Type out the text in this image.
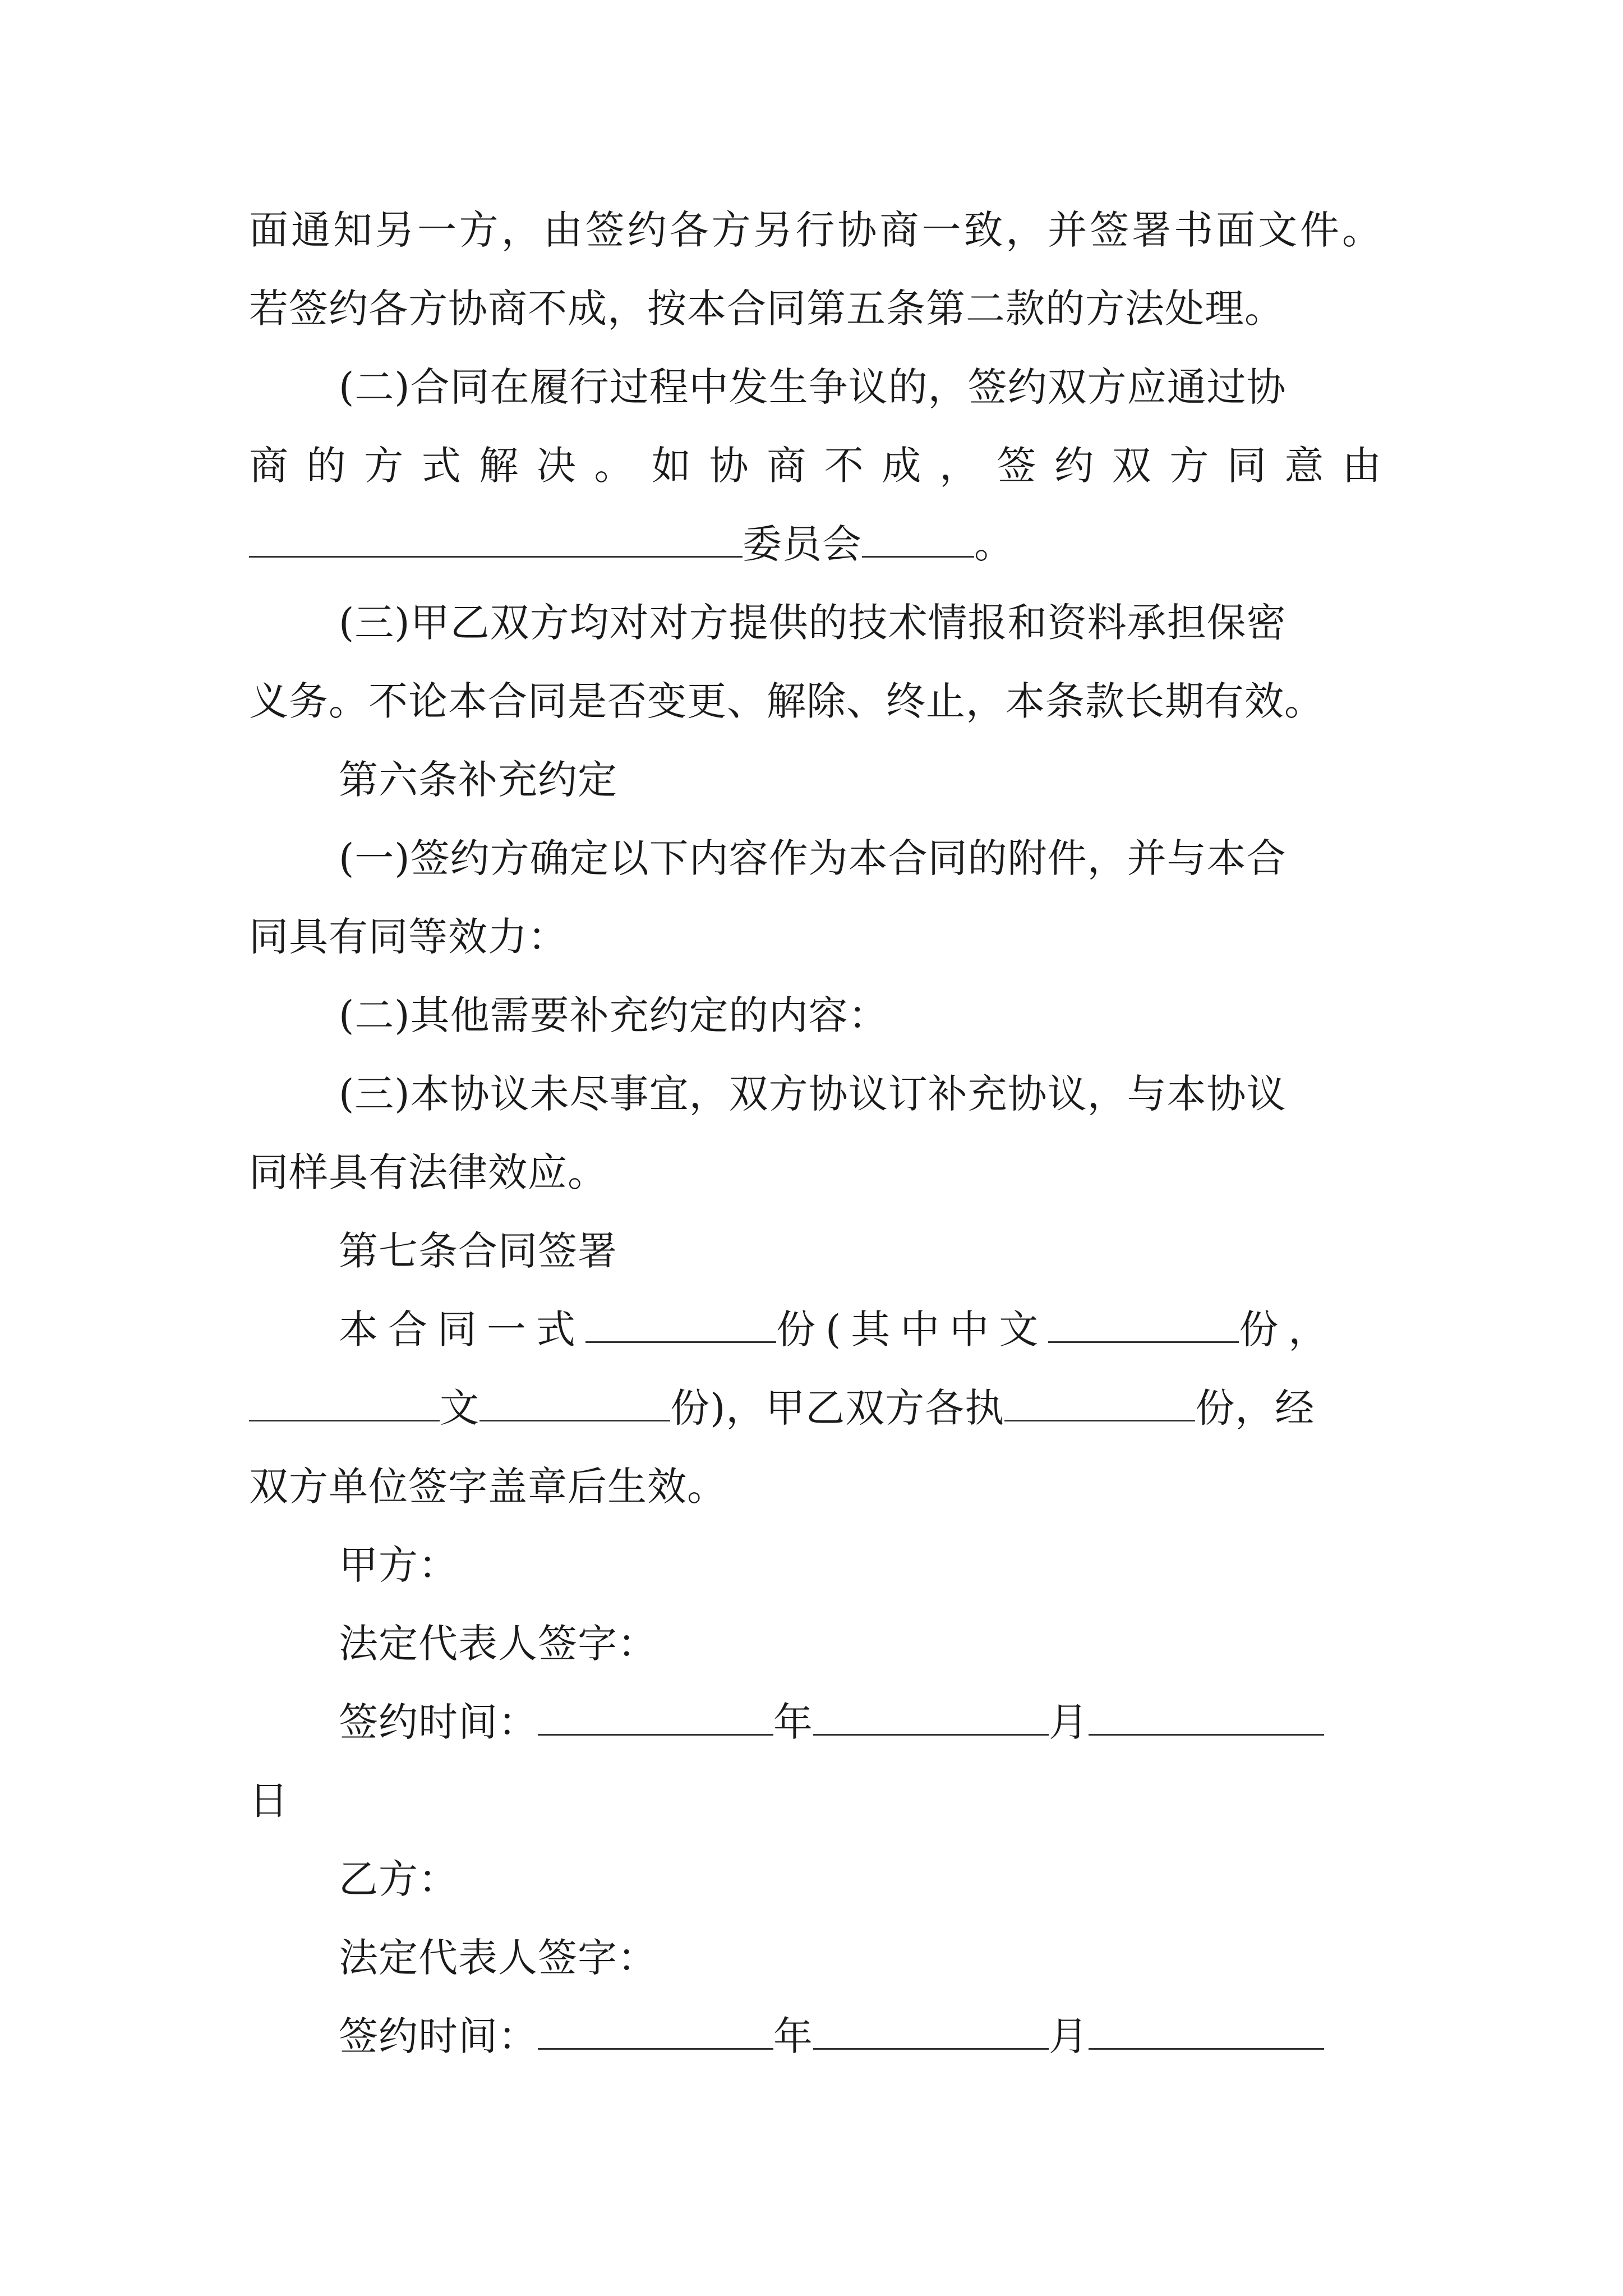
面通知另一方，由签约各方另行协商一致，并签署书面文件。
若签约各方协商不成，按本合同第五条第二款的方法处理。
(二)合同在履行过程中发生争议的，签约双方应通过协
商的方式解决。如协商不成，签约双方同意由
委员会	。
(三)甲乙双方均对对方提供的技术情报和资料承担保密
义务。不论本合同是否变更、解除、终止，本条款长期有效。
第六条补充约定
(一)签约方确定以下内容作为本合同的附件，并与本合
同具有同等效力：
(二)其他需要补充约定的内容：
(三)本协议未尽事宜，双方协议订补充协议，与本协议
同样具有法律效应。
第七条合同签署
本合同一式	份(其中中文	份，
文	份)，甲乙双方各执	份，经
双方单位签字盖章后生效。
甲方：
法定代表人签字：
签约时间：	年	月
日
乙方：
法定代表人签字：
签约时间：	年	月
